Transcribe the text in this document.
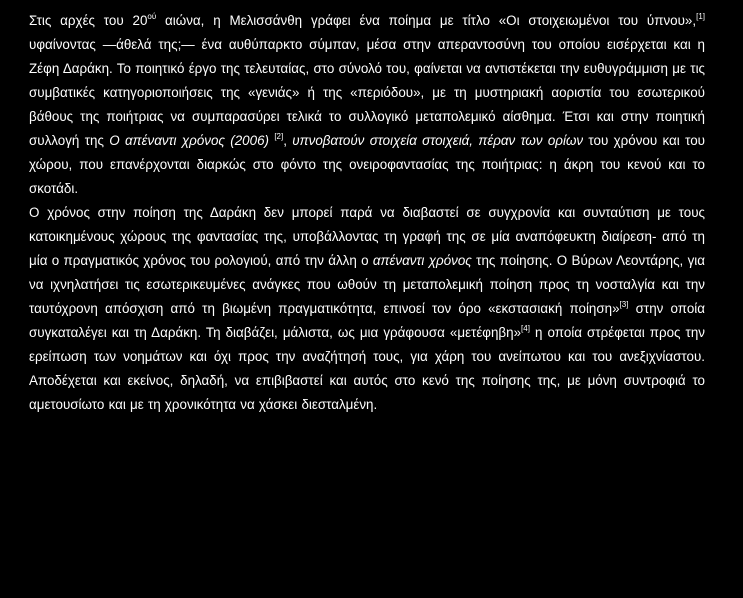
Στις αρχές του $20^{oύ}$ αιώνα, η Μελισσάνθη γράφει ένα ποίημα με τίτλο «Οι στοιχειωμένοι του ύπνου»,[1] υφαίνοντας —άθελά της;— ένα αυθύπαρκτο σύμπαν, μέσα στην απεραντοσύνη του οποίου εισέρχεται και η Ζέφη Δαράκη. Το ποιητικό έργο της τελευταίας, στο σύνολό του, φαίνεται να αντιστέκεται την ευθυγράμμιση με τις συμβατικές κατηγοριοποιήσεις της «γενιάς» ή της «περιόδου», με τη μυστηριακή αοριστία του εσωτερικού βάθους της ποιήτριας να συμπαρασύρει τελικά το συλλογικό μεταπολεμικό αίσθημα. Έτσι και στην ποιητική συλλογή της Ο απέναντι χρόνος (2006) [2], υπνοβατούν στοιχεία στοιχειά, πέραν των ορίων του χρόνου και του χώρου, που επανέρχονται διαρκώς στο φόντο της ονειροφαντασίας της ποιήτριας: η άκρη του κενού και το σκοτάδι.

Ο χρόνος στην ποίηση της Δαράκη δεν μπορεί παρά να διαβαστεί σε συγχρονία και συνταύτιση με τους κατοικημένους χώρους της φαντασίας της, υποβάλλοντας τη γραφή της σε μία αναπόφευκτη διαίρεση- από τη μία ο πραγματικός χρόνος του ρολογιού, από την άλλη ο απέναντι χρόνος της ποίησης. Ο Βύρων Λεοντάρης, για να ιχνηλατήσει τις εσωτερικευμένες ανάγκες που ωθούν τη μεταπολεμική ποίηση προς τη νοσταλγία και την ταυτόχρονη απόσχιση από τη βιωμένη πραγματικότητα, επινοεί τον όρο «εκστασιακή ποίηση»[3] στην οποία συγκαταλέγει και τη Δαράκη. Τη διαβάζει, μάλιστα, ως μια γράφουσα «μετέφηβη»[4] η οποία στρέφεται προς την ερείπωση των νοημάτων και όχι προς την αναζήτησή τους, για χάρη του ανείπωτου και του ανεξιχνίαστου. Αποδέχεται και εκείνος, δηλαδή, να επιβιβαστεί και αυτός στο κενό της ποίησης της, με μόνη συντροφιά το αμετουσίωτο και με τη χρονικότητα να χάσκει διεσταλμένη.
